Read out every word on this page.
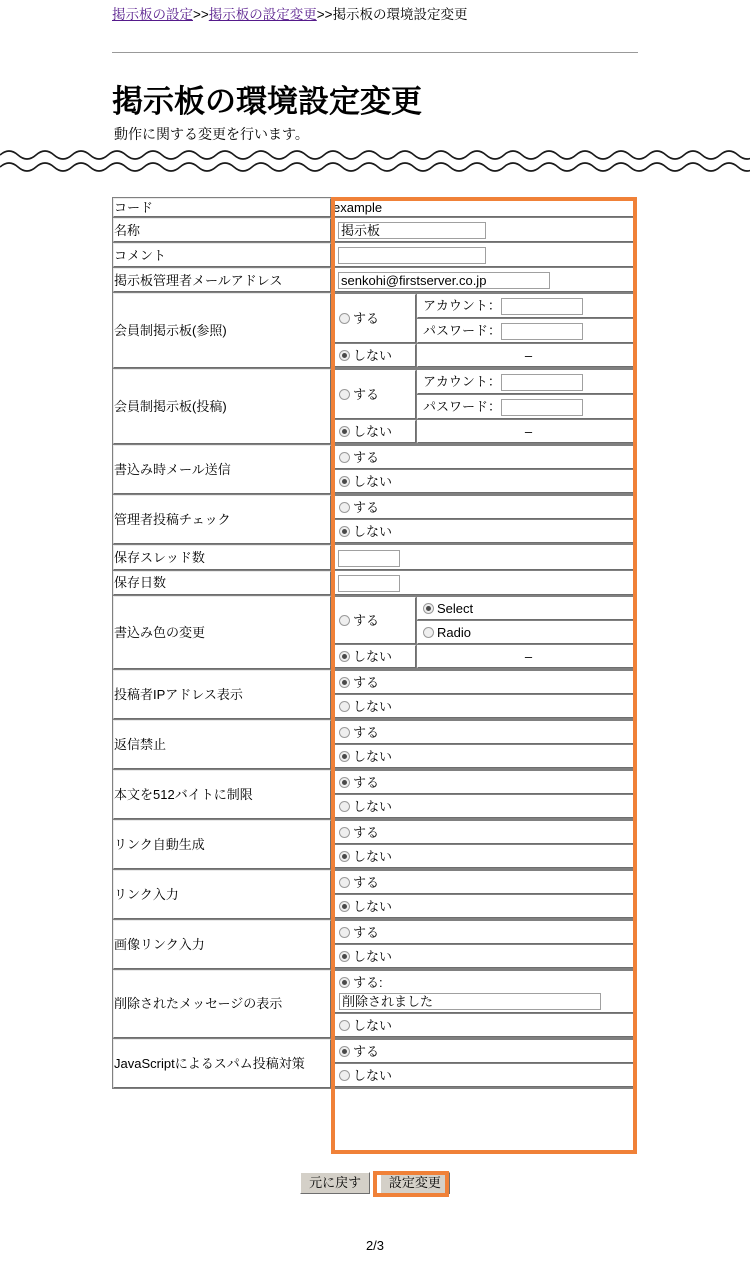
掲示板の設定>>掲示板の設定変更>>掲示板の環境設定変更
掲示板の環境設定変更
動作に関する変更を行います。
コード	example
名称	掲示板
コメント	
掲示板管理者メールアドレス	senkohi@firstserver.co.jp
会員制掲示板(参照)	
する	アカウント：
パスワード：
しない	–

会員制掲示板(投稿)	
する	アカウント：
パスワード：
しない	–

書込み時メール送信	
する
しない

管理者投稿チェック	
する
しない

保存スレッド数	
保存日数	
書込み色の変更	
する	Select
Radio
しない	–

投稿者IPアドレス表示	
する
しない

返信禁止	
する
しない

本文を512バイトに制限	
する
しない

リンク自動生成	
する
しない

リンク入力	
する
しない

画像リンク入力	
する
しない

削除されたメッセージの表示	
する:
削除されました

しない

JavaScriptによるスパム投稿対策	
する
しない
元に戻す 設定変更
2/3
